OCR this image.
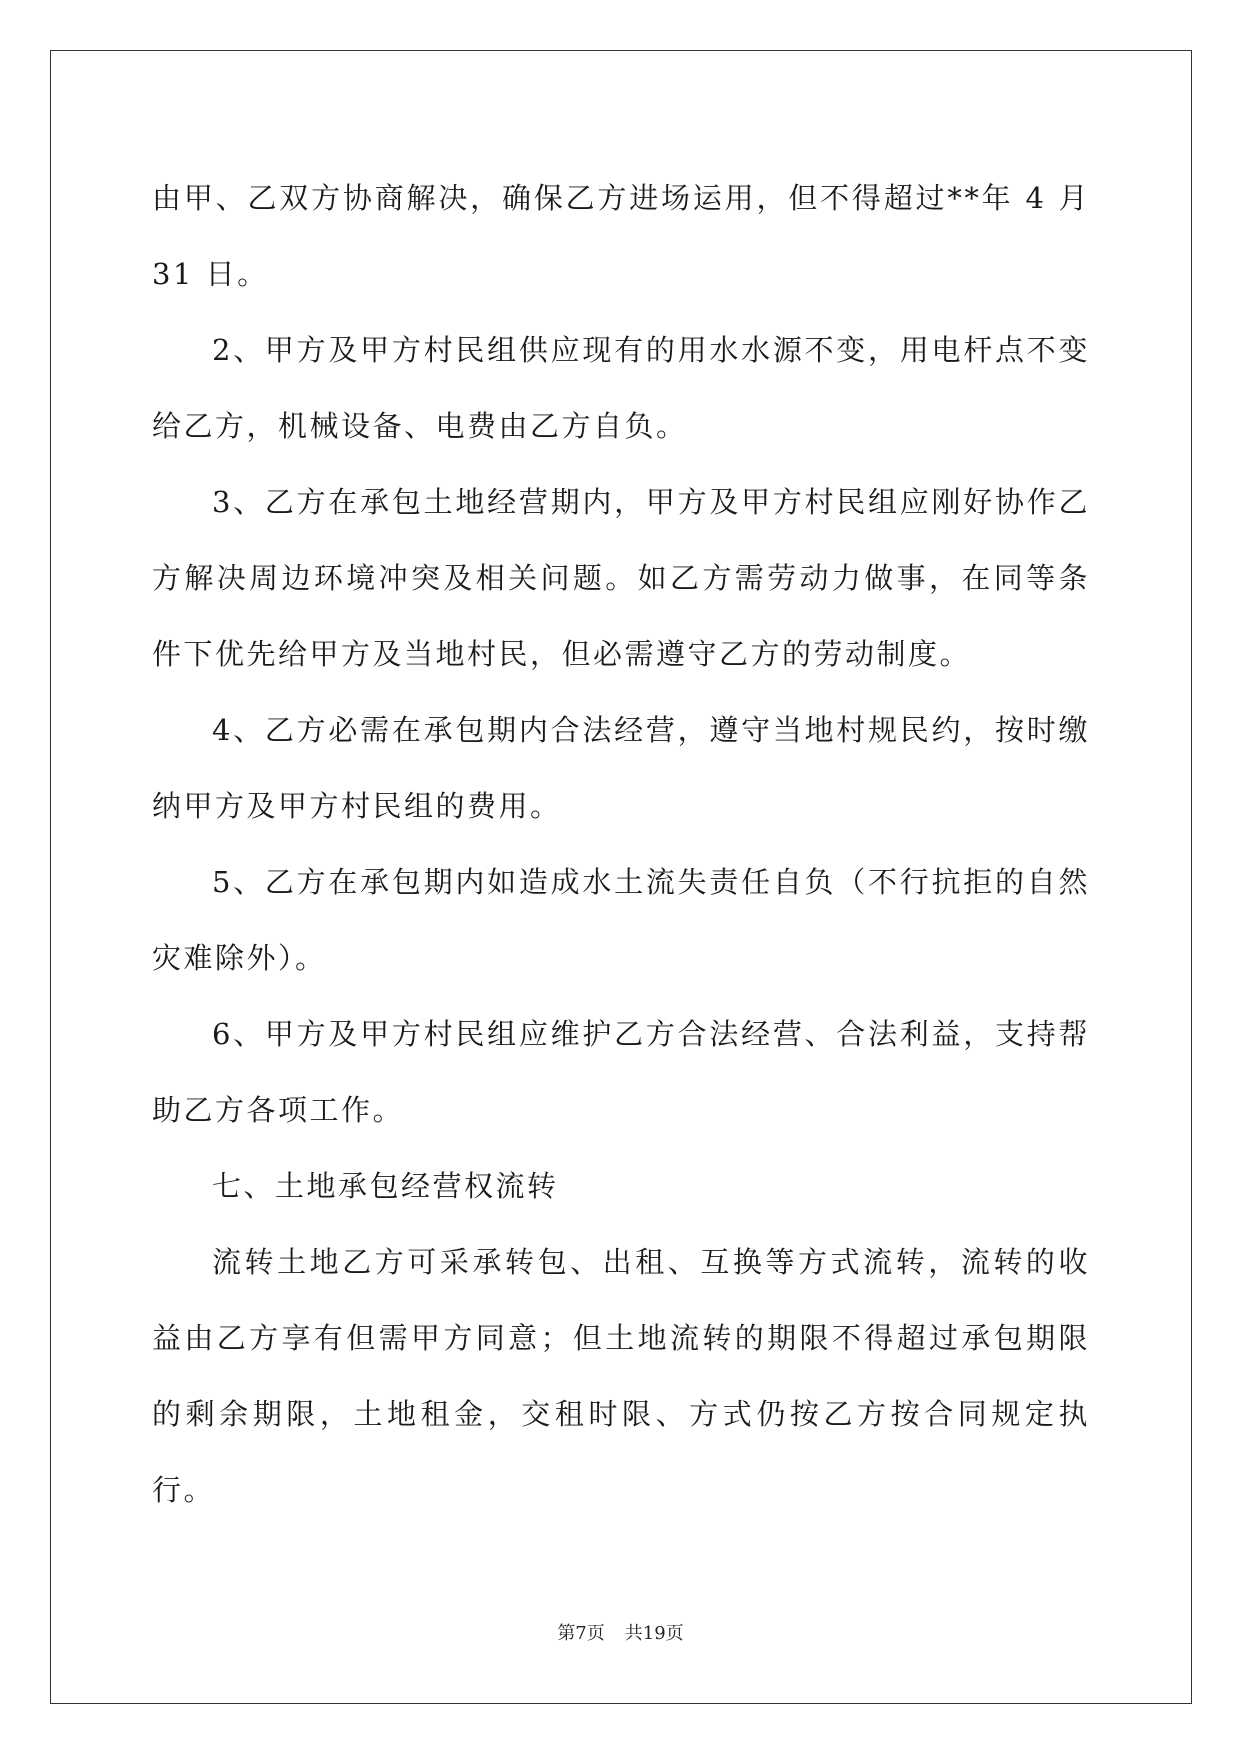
由甲、乙双方协商解决，确保乙方进场运用，但不得超过**年 4 月 31 日。

2、甲方及甲方村民组供应现有的用水水源不变，用电杆点不变给乙方，机械设备、电费由乙方自负。

3、乙方在承包土地经营期内，甲方及甲方村民组应刚好协作乙方解决周边环境冲突及相关问题。如乙方需劳动力做事，在同等条件下优先给甲方及当地村民，但必需遵守乙方的劳动制度。

4、乙方必需在承包期内合法经营，遵守当地村规民约，按时缴纳甲方及甲方村民组的费用。

5、乙方在承包期内如造成水土流失责任自负（不行抗拒的自然灾难除外）。

6、甲方及甲方村民组应维护乙方合法经营、合法利益，支持帮助乙方各项工作。

七、土地承包经营权流转

流转土地乙方可采承转包、出租、互换等方式流转，流转的收益由乙方享有但需甲方同意；但土地流转的期限不得超过承包期限的剩余期限，土地租金，交租时限、方式仍按乙方按合同规定执行。

第7页 共19页
